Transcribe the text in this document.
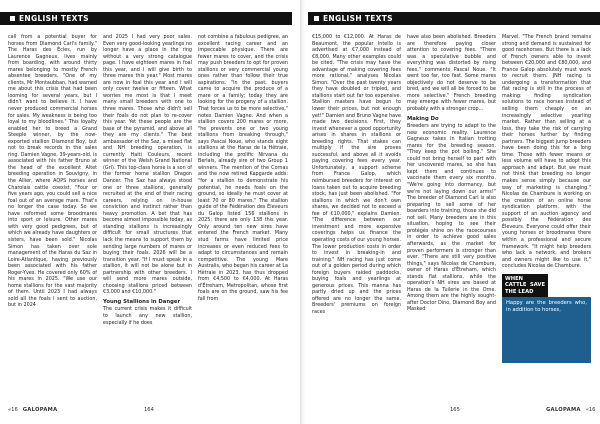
ENGLISH TEXTS

call from a potential buyer for horses from Diamond Carl's family." The Haras des Écles, run by Laurence Gagneux, lives mainly from boarding, with around thirty mares belonging to mostly French absentee breeders. "One of my clients, Mr Montaubban, had warned me about this crisis that had been looming for several years, but I didn't want to believe it. I have never produced commercial horses for sales. My weakness is being too loyal to my bloodlines." This loyalty enabled her to breed a Grand Steeple winner, by the now-exported stallion Diamond Boy, but not to break records in the sales ring. Damien Vagne, 39-years-old, is associated with his father Bruno at the head of the excellent Altet breeding operation in Souvigny, in the Allier, where AQPS horses and Charolais cattle coexist. "Four or five years ago, you could sell a nice foal out of an average mare. That's no longer the case today. So we have reformed some broodmares into sport or leisure. Other mares with very good pedigrees, but of which we already have daughters or sisters, have been sold." Nicolas Simon has taken over sole management of the Haras du Saz in Loire-Atlantique, having previously been associated with his father Roger-Yves. He covered only 60% of his mares in 2025. "We use our home stallions for the vast majority of them. Until 2023 I had always sold all the foals I sent to auction, but in 2024

and 2025 I had very poor sales. Even very good-looking yearlings no longer have a place in the ring without a very strong catalogue page. I have eighteen mares in foal this year, and I will give birth to three mares this year." Most mares are now in foal this year and I will only cover twelve or fifteen. What worries me most is that I meet many small breeders with one to three mares. Those who didn't sell their foals do not plan to re-cover this year. Yet these people are the base of the pyramid, and above all they are my clients." The best ambassador of the Saz, a mixed flat and NH breeding operation, is currently Haiti Couleurs, recent winner of the Welsh Grand National (Grl). This top-class horse is a son of the former home stallion Dragon Dancer. The Saz has always stood one or three stallions, generally recruited at the end of their racing careers, relying on in-house conviction and instinct rather than heavy promotion. A bet that has become almost impossible today, as standing stallions is increasingly difficult for small structures that lack the means to support them by sending large numbers of mares or buying their foals. 2026 will be a transition year. "If I must speak in a stallion, it will not be alone but in partnership with other breeders. I will send more mares outside, choosing stallions priced between €3,000 and €10,000."

Young Stallions in Danger

The current crisis makes it difficult to launch any new stallion, especially if he does

not combine a fabulous pedigree, an excellent racing career and an impeccable physique. There are fewer mares to cover, and the crisis may push breeders to opt for proven stallions or very commercial young ones rather than follow their true aspirations. "In the past, buyers came to acquire the produce of a mare or a family; today they are looking for the progeny of a stallion. That forces us to be more selective," notes Damien Vagne. And when a stallion covers 200 mares or more, "he prevents one or two young stallions from breaking through," says Pascal Noue, who stands eight stallions at the Haras de la Hêtraie, including the prolific Nirvana du Berlais, already sire of two Group 1 winners. The mention of the Cornas and the now retired Kapgarde adds: "for a stallion to demonstrate his potential, he needs foals on the ground, so ideally he must cover at least 70 or 80 mares." The stallion guide of the Fédération des Éleveurs du Galop listed 156 stallions in 2025; there are only 138 this year. Only around ten new sires have entered the French market. Many stud farms have limited price increases or even reduced fees to adapt to circumstances and remain competitive. The young Mare Australis, who began his career at La Hêtraie in 2023, has thus dropped from €4,500 to €4,000. At Haras d'Étreham, Metropolitan, whose first foals are on the ground, saw his fee fall from

«16 GALOPAMA	164
ENGLISH TEXTS

€15,000 to €12,000. At Haras de Beaumont, the popular Intello is advertised at €7,000 instead of €8,000. Many other examples could be cited. "The crisis may have the advantage of making covering fees more rational," analyses Nicolas Simon. "Over the past twenty years they have doubled or tripled, and stallions start out far too expensive. Stallion masters have begun to lower their prices, but not enough yet!" Damien and Bruno Vagne have made two decisions. First, they invest whenever a good opportunity arises in shares in stallions or breeding rights. That stakes can multiply if the sire proves successful, and above all it avoids paying covering fees every year. Unfortunately, a support scheme from France Galop, which reimbursed breeders for interest on loans taken out to acquire breeding stock, has just been abolished. "For stallions in which we don't own shares, we decided not to exceed a fee of €10,000," explains Damien. "The difference between our investment and more expensive coverings helps us finance the operating costs of our young horses. The lower production costs in order to invest in breaking-in and training." NH racing has just come out of a golden period during which foreign buyers raided paddocks, buying foals and yearlings at generous prices. This manna has partly dried up and the prices offered are no longer the same. Breeders' premiums on foreign races

have also been abolished. Breeders are therefore paying closer attention to covering fees. "There was a speculative bubble and everything was distorted by rising fees," comments Pascal Noue. "It went too far, too fast. Some mares objectively do not deserve to be bred, and we will all be forced to be more selective." French breeding may emerge with fewer mares, but probably with a stronger crop...

Making Do

Breeders are trying to adapt to the new economic reality. Laurence Gagneux takes in Italian trotting mares for the breeding season. "They keep the pot boiling." She could not bring herself to part with her uncovered mares, so she has kept them and continues to vaccinate them every six months. "We're going into dormancy, but we're not laying down our arms!" The breeder of Diamond Carl is also preparing to sell some of her boarders into training, those she did not sell. Many breeders are in this situation, hoping to see their protégés shine on the racecourses in order to achieve good sales afterwards, as the market for proven performers is stronger than ever. "There are still very positive things," says Nicolas de Chambure, owner of Haras d'Étreham, which stands flat stallions, while the operation's NH sires are based at Haras de la Tuilerie in the Orne. Among them are the highly sought-after Doctor Dino, Diamond Boy and Masked

Marvel. "The French brand remains strong and demand is sustained for good racehorses. But there is a lack of French owners able to invest between €20,000 and €80,000, and France Galop absolutely must work to recruit them. JNH racing is undergoing a transformation that flat racing is still in the process of making: finding syndication solutions to race horses instead of selling them cheaply on an increasingly selective yearling market. Rather than selling at a loss, they take the risk of carrying their horses further by finding partners. The biggest jump breeders have been doing this for a long time. Those with fewer means or less volume will have to adopt this approach and adapt. But we must not think that breeding no longer makes sense simply because our way of marketing is changing." Nicolas de Chambure is working on the creation of an online horse syndication platform, with the support of an auction agency and possibly the Fédération des Éleveurs. Everyone could offer their young horses or broodmares there within a professional and secure framework. "It might help breeders who lack a network, and brokers and owners might like to use it," concludes Nicolas de Chambure.

WHEN CATTLE SAVE THE LEAD
Happy are the breeders who, in addition to horses,
165	GALOPAMA «16
